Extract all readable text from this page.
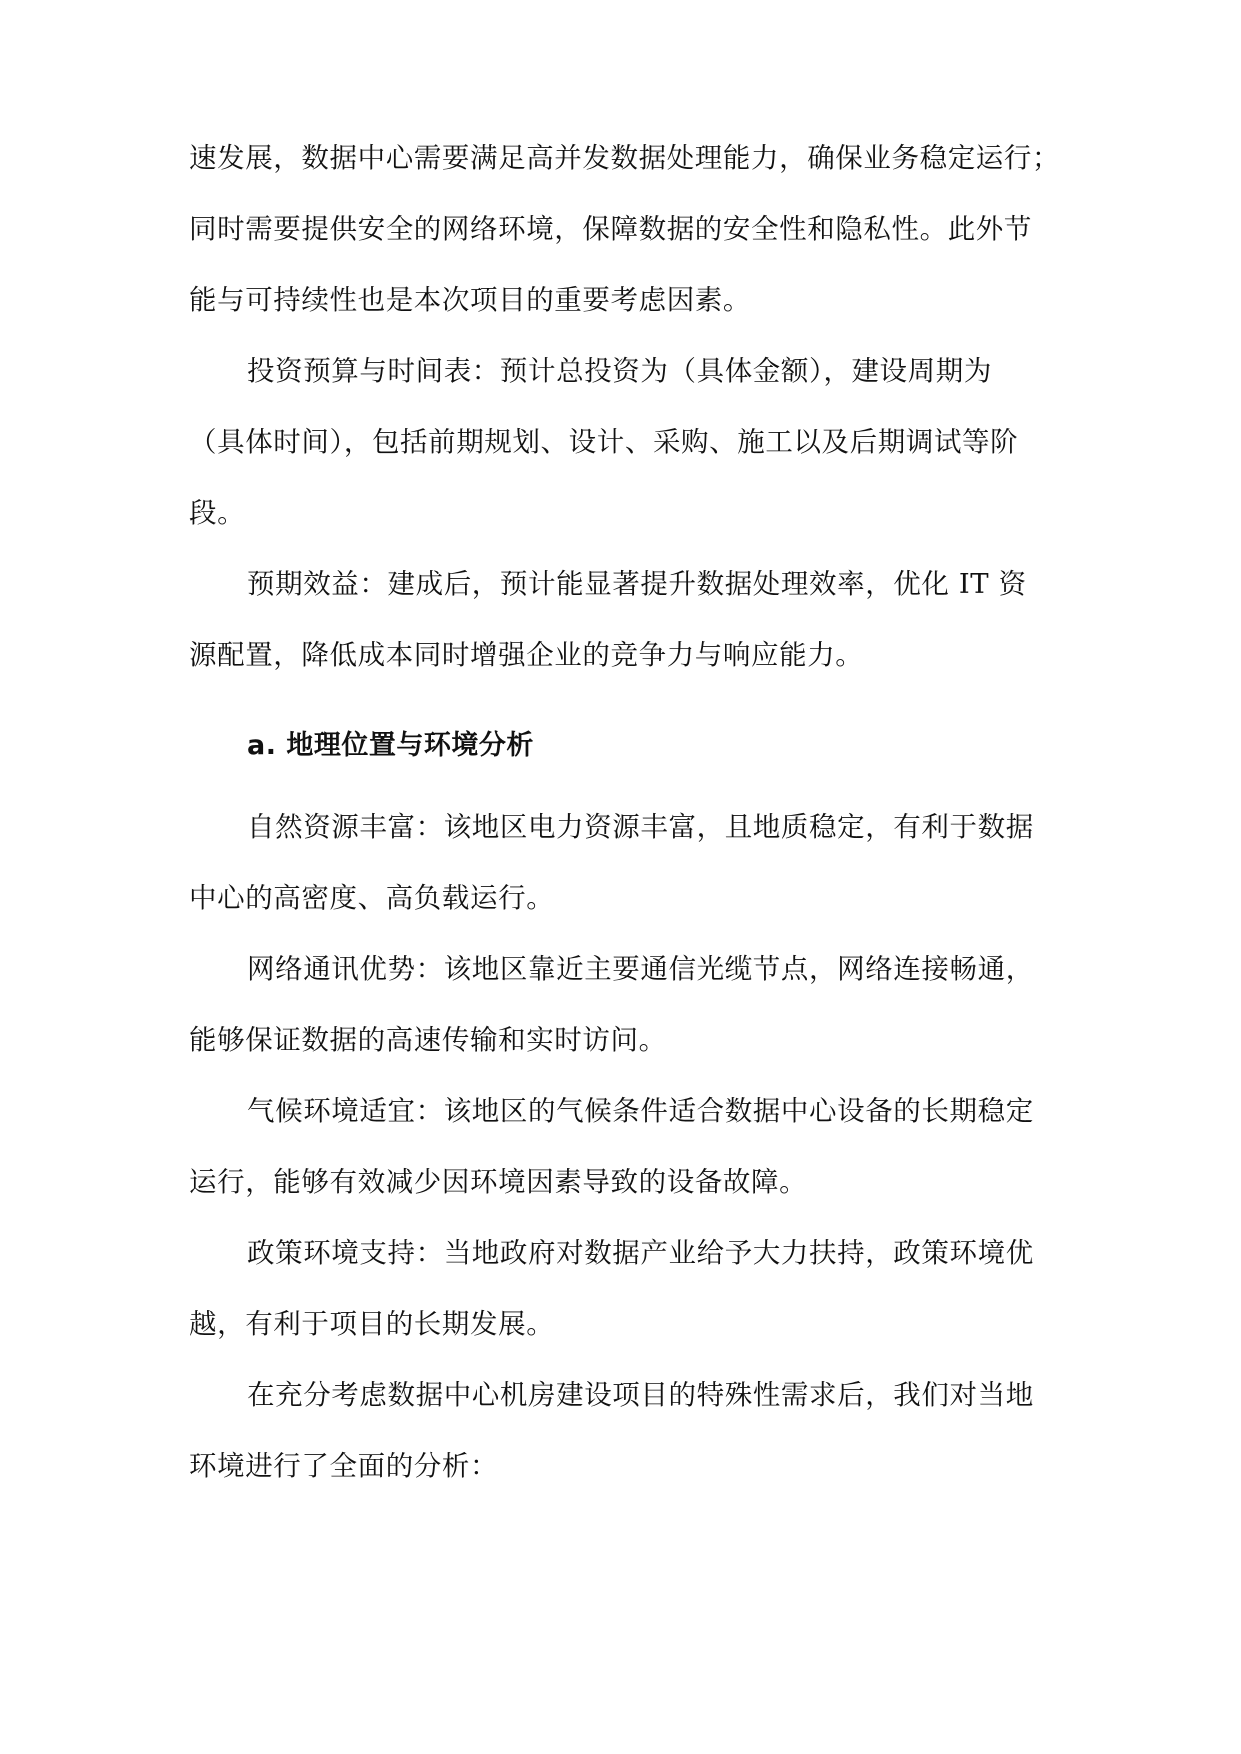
速发展，数据中心需要满足高并发数据处理能力，确保业务稳定运行；
同时需要提供安全的网络环境，保障数据的安全性和隐私性。此外节
能与可持续性也是本次项目的重要考虑因素。
投资预算与时间表：预计总投资为（具体金额），建设周期为
（具体时间），包括前期规划、设计、采购、施工以及后期调试等阶
段。
预期效益：建成后，预计能显著提升数据处理效率，优化 IT 资
源配置，降低成本同时增强企业的竞争力与响应能力。
a. 地理位置与环境分析
自然资源丰富：该地区电力资源丰富，且地质稳定，有利于数据
中心的高密度、高负载运行。
网络通讯优势：该地区靠近主要通信光缆节点，网络连接畅通，
能够保证数据的高速传输和实时访问。
气候环境适宜：该地区的气候条件适合数据中心设备的长期稳定
运行，能够有效减少因环境因素导致的设备故障。
政策环境支持：当地政府对数据产业给予大力扶持，政策环境优
越，有利于项目的长期发展。
在充分考虑数据中心机房建设项目的特殊性需求后，我们对当地
环境进行了全面的分析：
